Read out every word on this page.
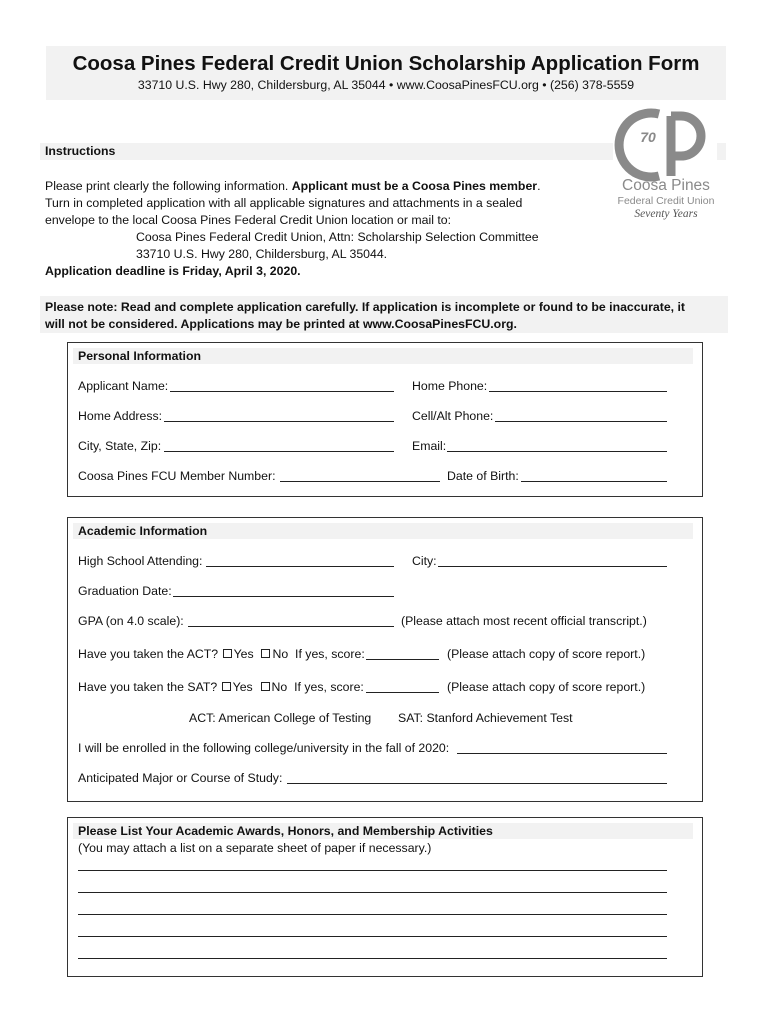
Coosa Pines Federal Credit Union Scholarship Application Form
33710 U.S. Hwy 280, Childersburg, AL 35044 • www.CoosaPinesFCU.org • (256) 378-5559
Instructions
70
Coosa Pines
Federal Credit Union
Seventy Years
Please print clearly the following information. Applicant must be a Coosa Pines member.
Turn in completed application with all applicable signatures and attachments in a sealed
envelope to the local Coosa Pines Federal Credit Union location or mail to:
Coosa Pines Federal Credit Union, Attn: Scholarship Selection Committee
33710 U.S. Hwy 280, Childersburg, AL 35044.
Application deadline is Friday, April 3, 2020.
Please note: Read and complete application carefully. If application is incomplete or found to be inaccurate, it
will not be considered. Applications may be printed at www.CoosaPinesFCU.org.
Personal Information
Applicant Name:	Home Phone:
Home Address:	Cell/Alt Phone:
City, State, Zip:	Email:
Coosa Pines FCU Member Number:	Date of Birth:
Academic Information
High School Attending:	City:
Graduation Date:
GPA (on 4.0 scale):	(Please attach most recent official transcript.)
Have you taken the ACT? Yes No If yes, score:	(Please attach copy of score report.)
Have you taken the SAT? Yes No If yes, score:	(Please attach copy of score report.)
ACT: American College of Testing SAT: Stanford Achievement Test
I will be enrolled in the following college/university in the fall of 2020:
Anticipated Major or Course of Study:
Please List Your Academic Awards, Honors, and Membership Activities
(You may attach a list on a separate sheet of paper if necessary.)
